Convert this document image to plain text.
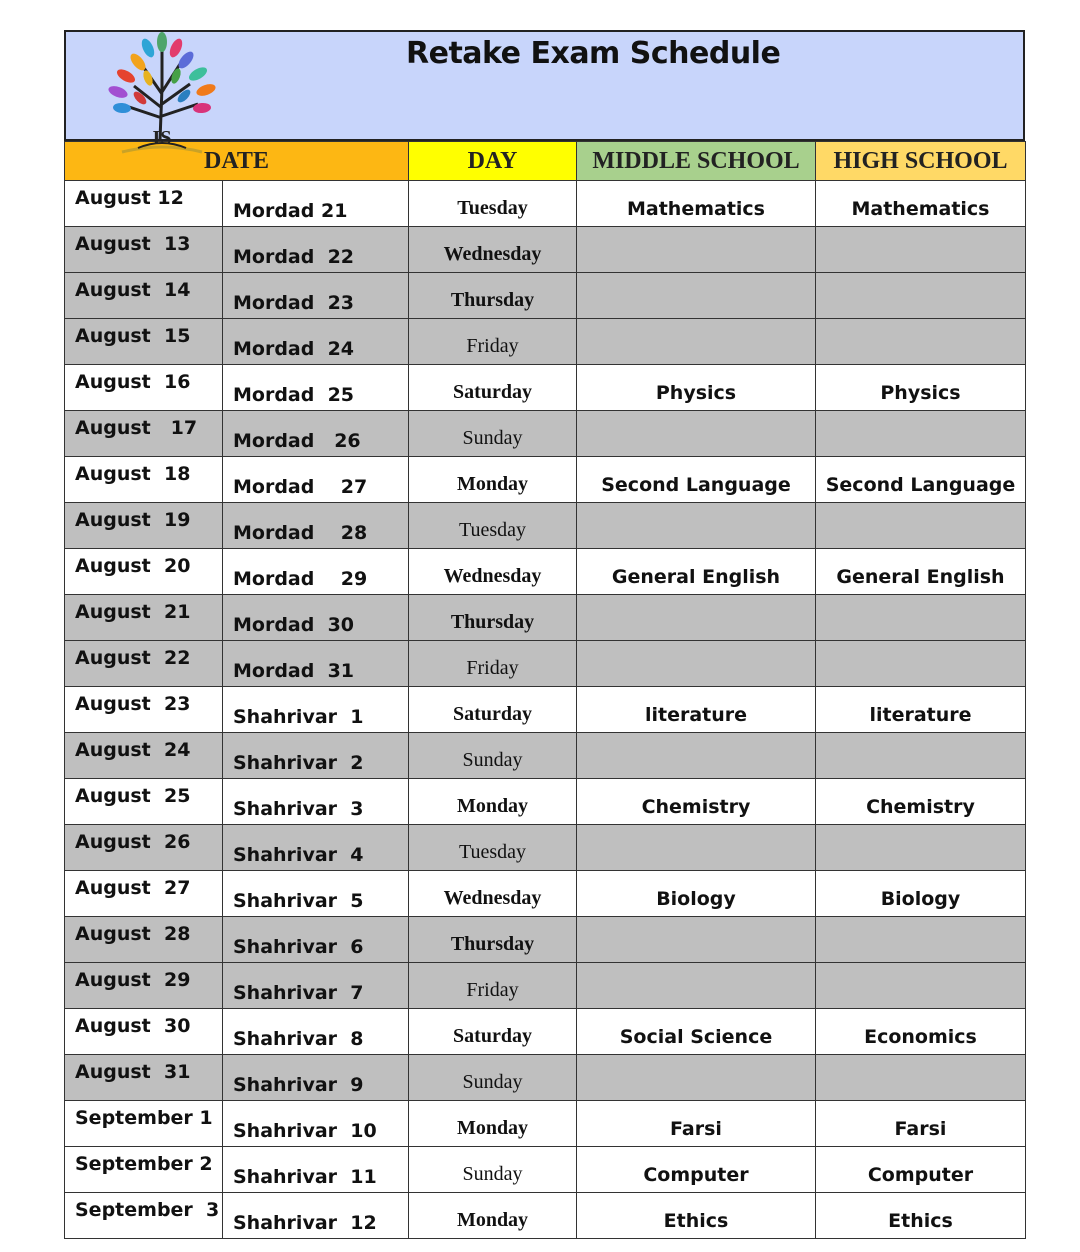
IS
Retake Exam Schedule
DATE		DAY	MIDDLE SCHOOL	HIGH SCHOOL
August 12	Mordad 21	Tuesday	Mathematics	Mathematics
August  13	Mordad  22	Wednesday		
August  14	Mordad  23	Thursday		
August  15	Mordad  24	Friday		
August  16	Mordad  25	Saturday	Physics	Physics
August   17	Mordad   26	Sunday		
August  18	Mordad    27	Monday	Second Language	Second Language
August  19	Mordad    28	Tuesday		
August  20	Mordad    29	Wednesday	General English	General English
August  21	Mordad  30	Thursday		
August  22	Mordad  31	Friday		
August  23	Shahrivar  1	Saturday	literature	literature
August  24	Shahrivar  2	Sunday		
August  25	Shahrivar  3	Monday	Chemistry	Chemistry
August  26	Shahrivar  4	Tuesday		
August  27	Shahrivar  5	Wednesday	Biology	Biology
August  28	Shahrivar  6	Thursday		
August  29	Shahrivar  7	Friday		
August  30	Shahrivar  8	Saturday	Social Science	Economics
August  31	Shahrivar  9	Sunday		
September 1	Shahrivar  10	Monday	Farsi	Farsi
September 2	Shahrivar  11	Sunday	Computer	Computer
September  3	Shahrivar  12	Monday	Ethics	Ethics
